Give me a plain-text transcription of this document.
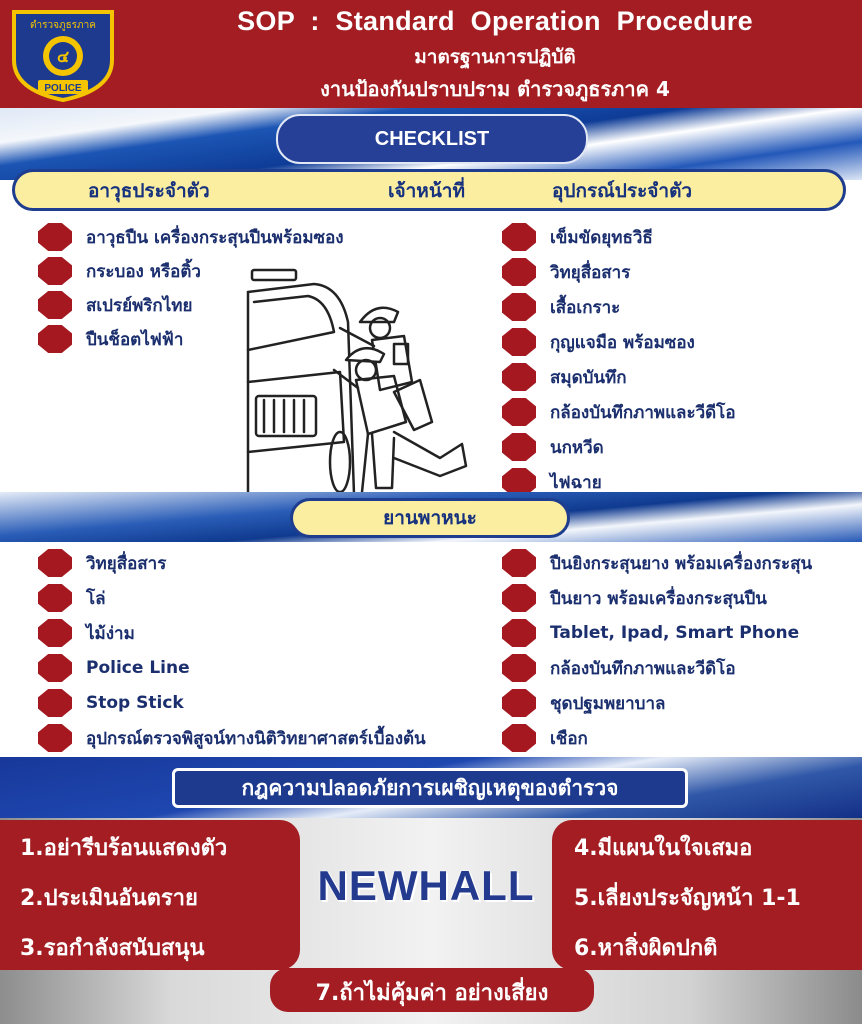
ตำรวจภูธรภาค
๔
POLICE
SOP : Standard Operation Procedure
มาตรฐานการปฏิบัติ
งานป้องกันปราบปราม ตำรวจภูธรภาค 4
CHECKLIST
อาวุธประจำตัว	เจ้าหน้าที่	อุปกรณ์ประจำตัว
อาวุธปืน เครื่องกระสุนปืนพร้อมซอง
กระบอง หรือติ้ว
สเปรย์พริกไทย
ปืนช็อตไฟฟ้า
เข็มขัดยุทธวิธี
วิทยุสื่อสาร
เสื้อเกราะ
กุญแจมือ พร้อมซอง
สมุดบันทึก
กล้องบันทึกภาพและวีดีโอ
นกหวีด
ไฟฉาย
ยานพาหนะ
วิทยุสื่อสาร
โล่
ไม้ง่าม
Police Line
Stop Stick
อุปกรณ์ตรวจพิสูจน์ทางนิติวิทยาศาสตร์เบื้องต้น
ปืนยิงกระสุนยาง พร้อมเครื่องกระสุน
ปืนยาว พร้อมเครื่องกระสุนปืน
Tablet, Ipad, Smart Phone
กล้องบันทึกภาพและวีดิโอ
ชุดปฐมพยาบาล
เชือก
กฎความปลอดภัยการเผชิญเหตุของตำรวจ
1.อย่ารีบร้อนแสดงตัว
2.ประเมินอันตราย
3.รอกำลังสนับสนุน
NEWHALL
4.มีแผนในใจเสมอ
5.เลี่ยงประจัญหน้า 1-1
6.หาสิ่งผิดปกติ
7.ถ้าไม่คุ้มค่า อย่างเสี่ยง
